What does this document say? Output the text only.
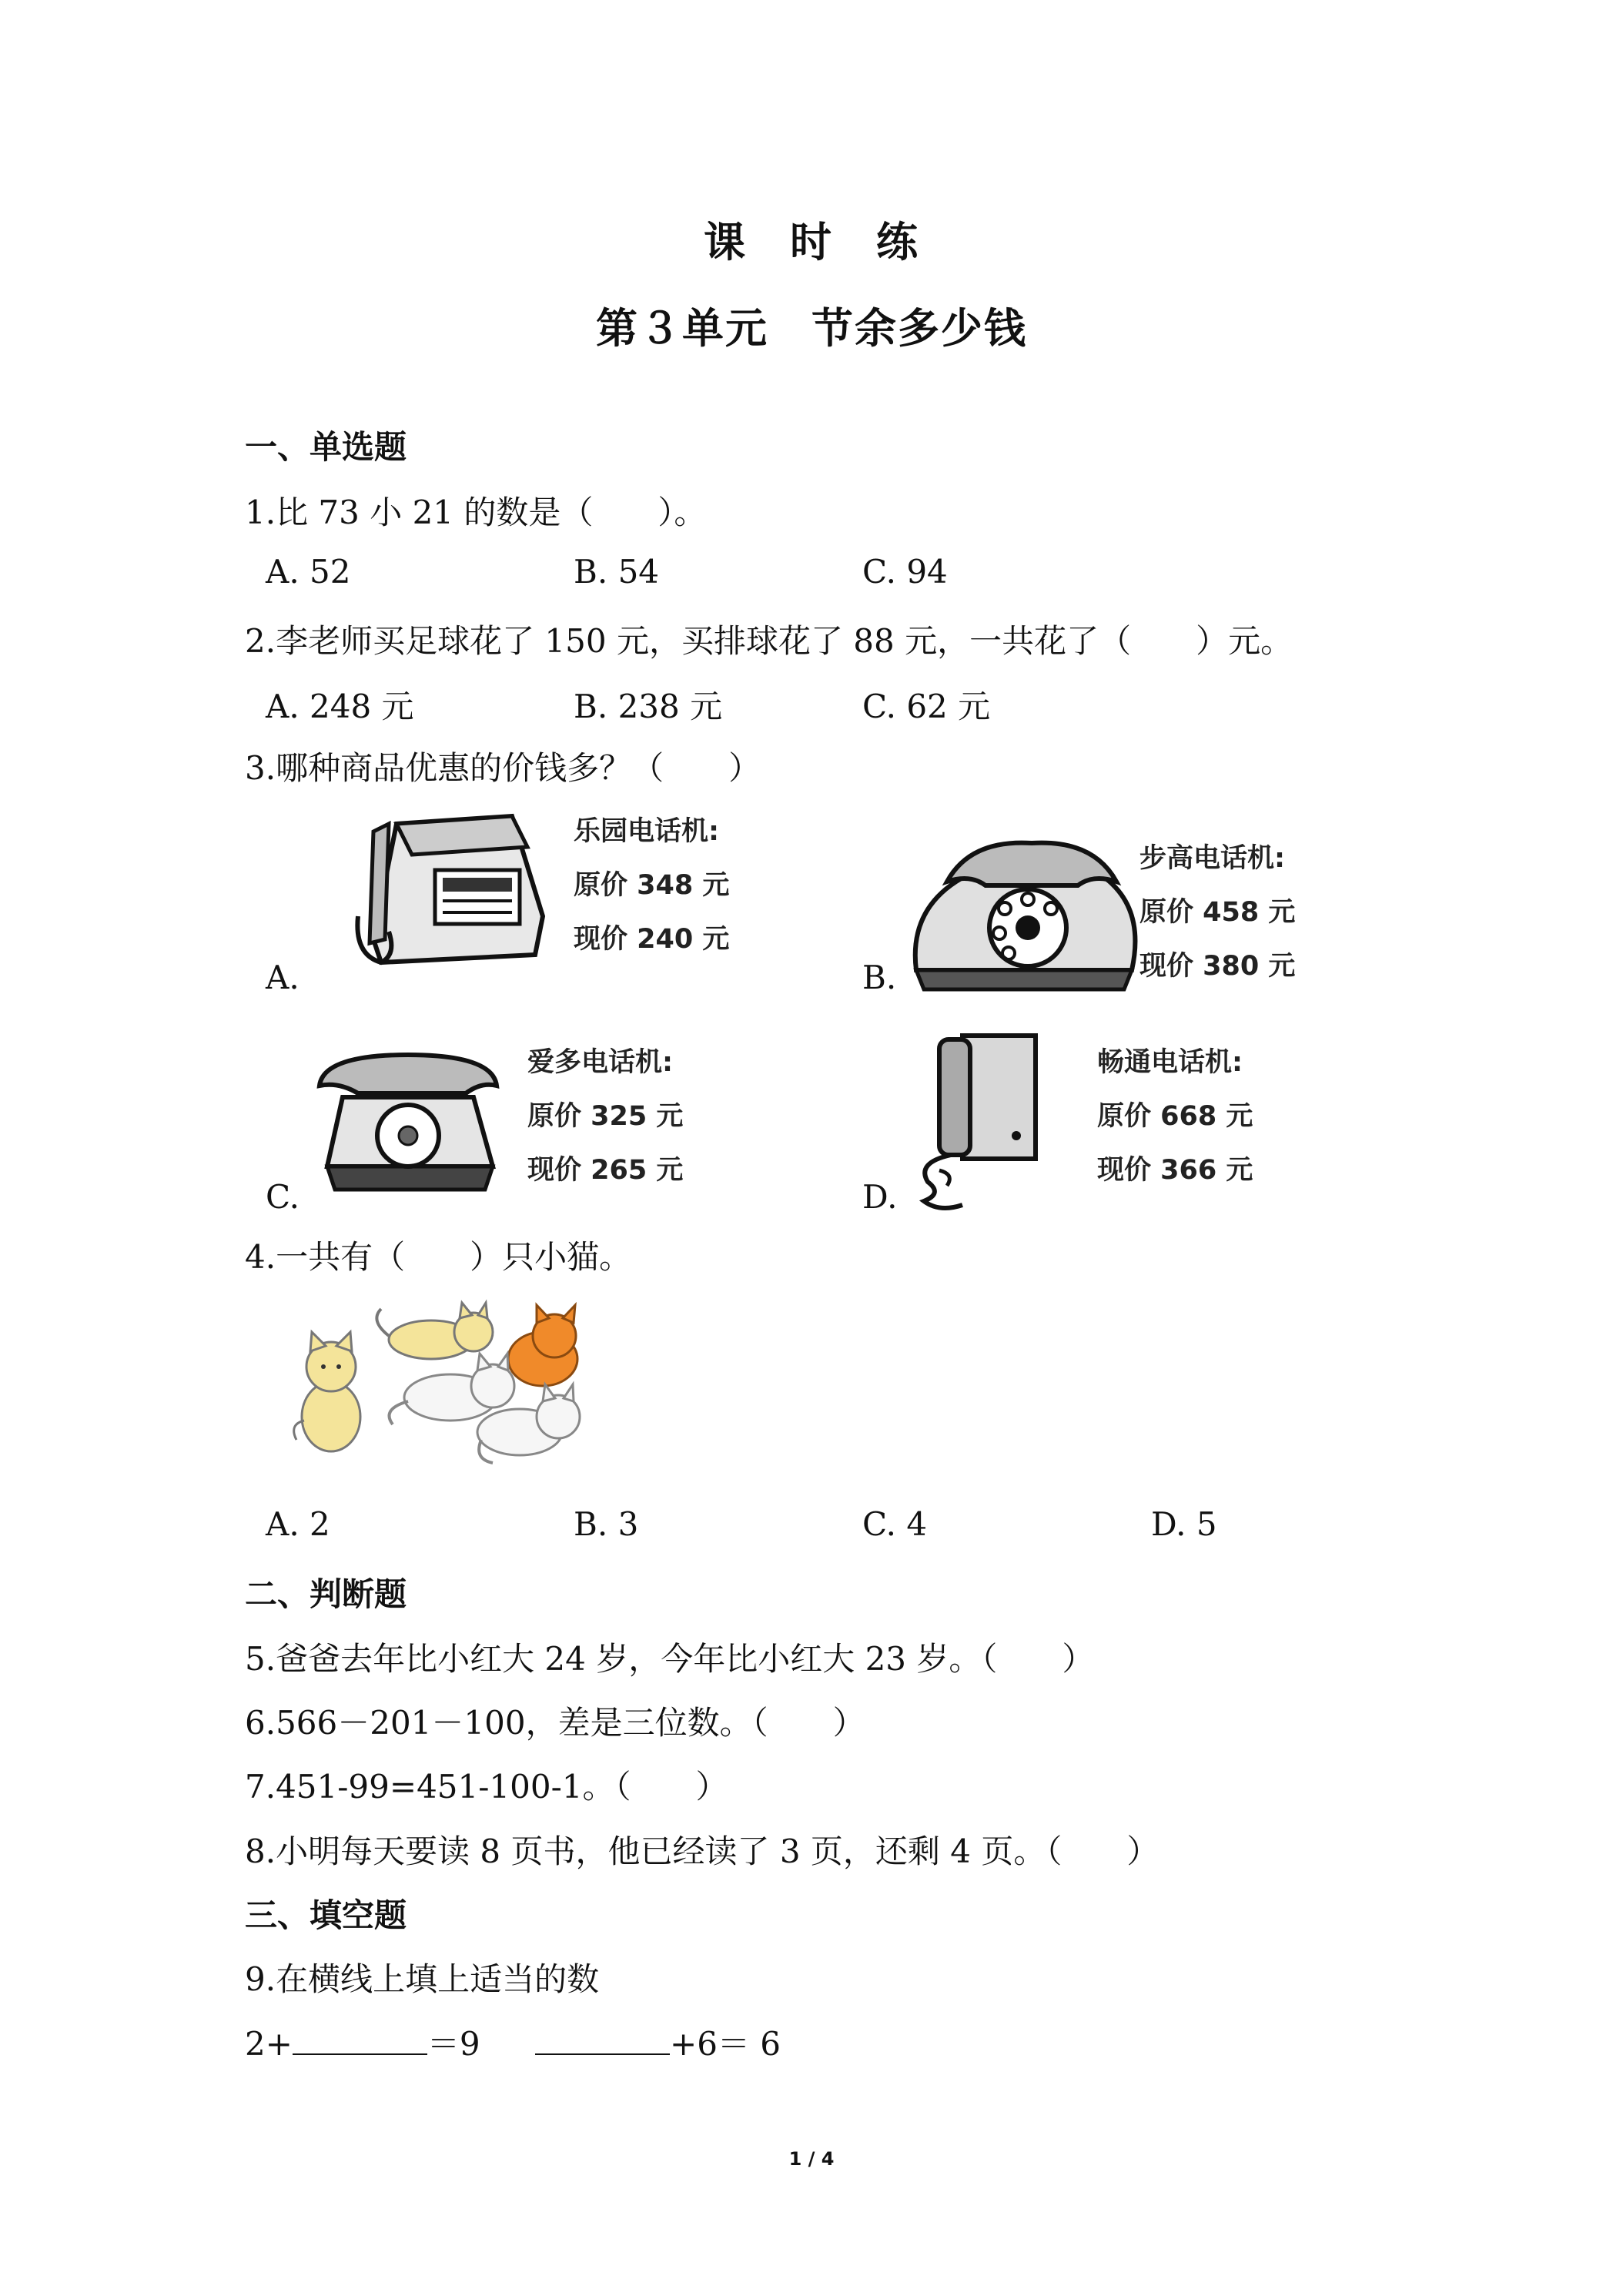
课　时　练
第３单元　节余多少钱
一、单选题
1.比 73 小 21 的数是（　　）。
A. 52	B. 54	C. 94
2.李老师买足球花了 150 元，买排球花了 88 元，一共花了（　　）元。
A. 248 元	B. 238 元	C. 62 元
3.哪种商品优惠的价钱多？（　　）
乐园电话机:
原价 348 元
现价 240 元
A.
步高电话机:
原价 458 元
现价 380 元
B.
爱多电话机:
原价 325 元
现价 265 元
C.
畅通电话机:
原价 668 元
现价 366 元
D.
4.一共有（　　）只小猫。
A. 2	B. 3	C. 4	D. 5
二、判断题
5.爸爸去年比小红大 24 岁，今年比小红大 23 岁。（　　）
6.566－201－100，差是三位数。（　　）
7.451-99=451-100-1。（　　）
8.小明每天要读 8 页书，他已经读了 3 页，还剩 4 页。（　　）
三、填空题
9.在横线上填上适当的数
2+	＝9	+6＝ 6
1 / 4
